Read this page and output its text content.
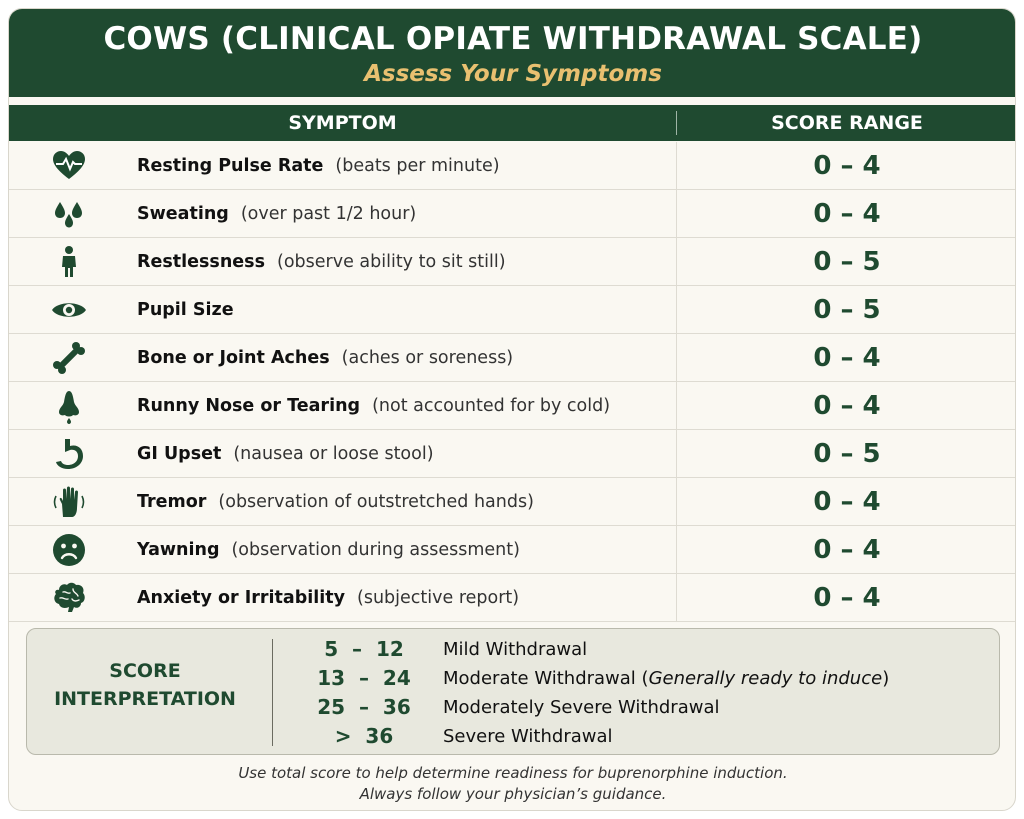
COWS (CLINICAL OPIATE WITHDRAWAL SCALE)
Assess Your Symptoms
SYMPTOM	SCORE RANGE
Resting Pulse Rate (beats per minute)	0 – 4
Sweating (over past 1/2 hour)	0 – 4
Restlessness (observe ability to sit still)	0 – 5
Pupil Size	0 – 5
Bone or Joint Aches (aches or soreness)	0 – 4
Runny Nose or Tearing (not accounted for by cold)	0 – 4
GI Upset (nausea or loose stool)	0 – 5
Tremor (observation of outstretched hands)	0 – 4
Yawning (observation during assessment)	0 – 4
Anxiety or Irritability (subjective report)	0 – 4
SCORE
INTERPRETATION
5  –  12	Mild Withdrawal
13  –  24	Moderate Withdrawal (Generally ready to induce)
25  –  36	Moderately Severe Withdrawal
>  36	Severe Withdrawal
Use total score to help determine readiness for buprenorphine induction.
Always follow your physician’s guidance.
